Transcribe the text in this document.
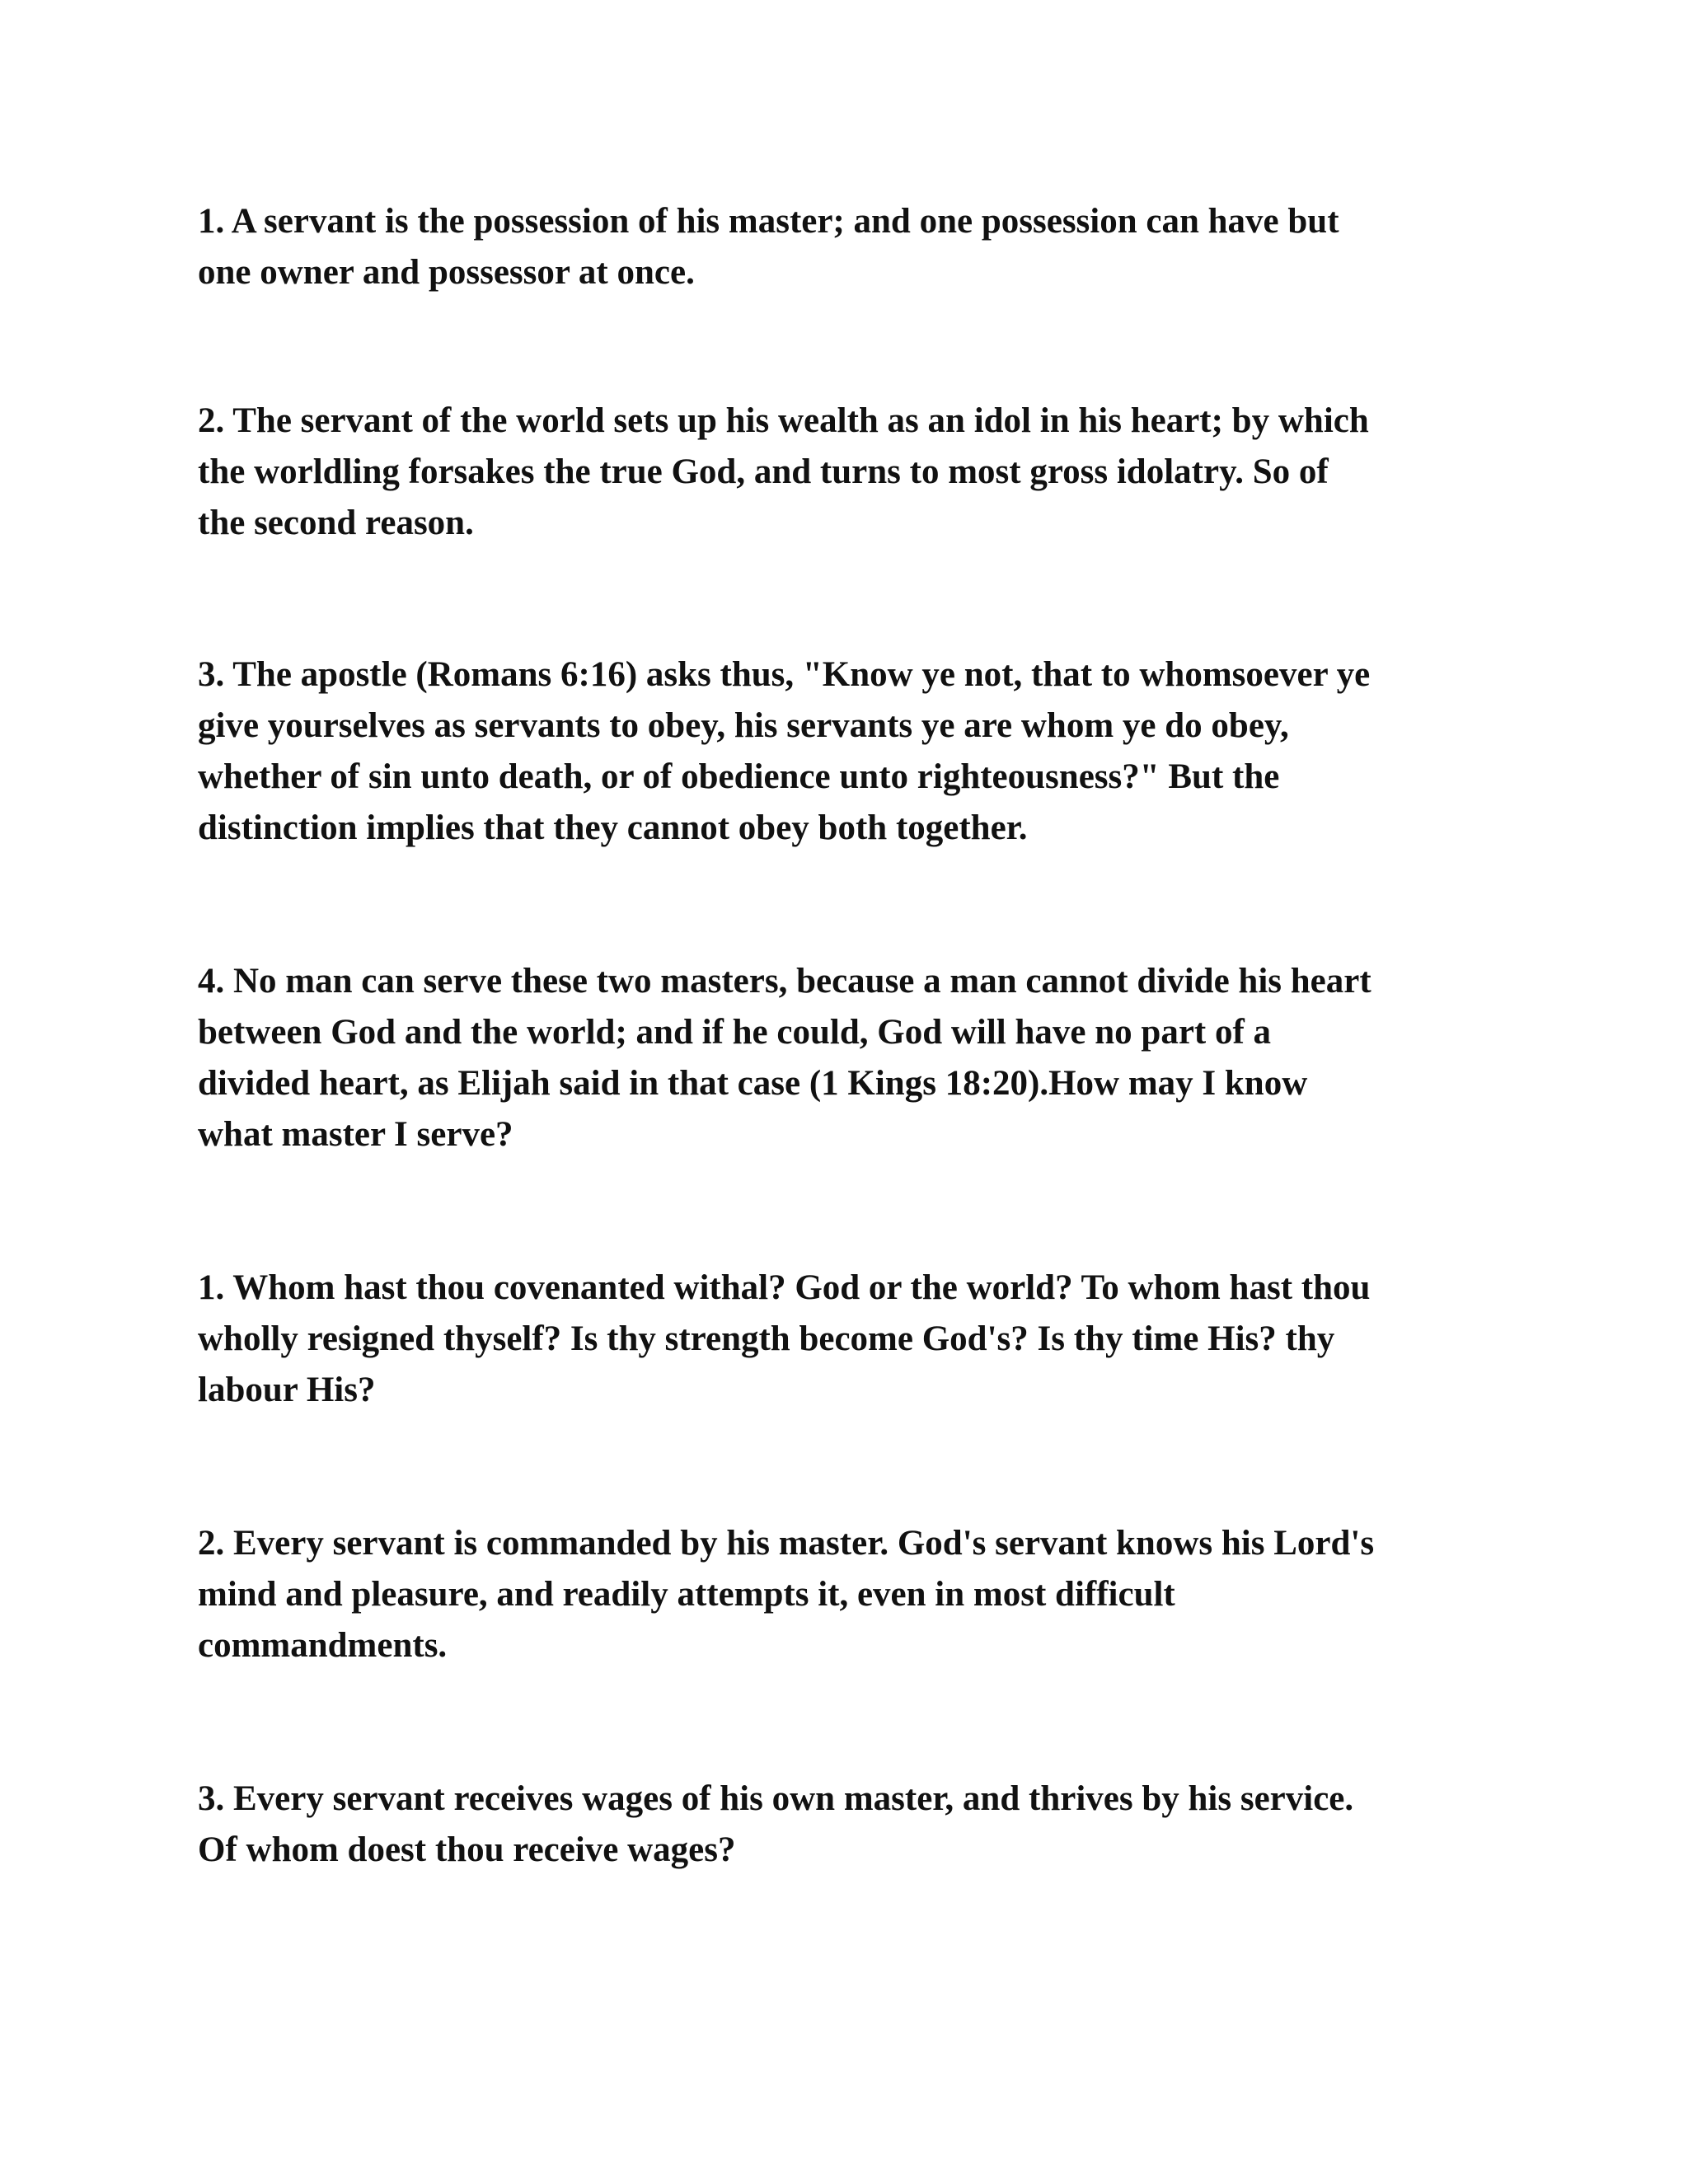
1. A servant is the possession of his master; and one possession can have but
one owner and possessor at once.
2. The servant of the world sets up his wealth as an idol in his heart; by which
the worldling forsakes the true God, and turns to most gross idolatry. So of
the second reason.
3. The apostle (Romans 6:16) asks thus, "Know ye not, that to whomsoever ye
give yourselves as servants to obey, his servants ye are whom ye do obey,
whether of sin unto death, or of obedience unto righteousness?" But the
distinction implies that they cannot obey both together.
4. No man can serve these two masters, because a man cannot divide his heart
between God and the world; and if he could, God will have no part of a
divided heart, as Elijah said in that case (1 Kings 18:20).How may I know
what master I serve?
1. Whom hast thou covenanted withal? God or the world? To whom hast thou
wholly resigned thyself? Is thy strength become God's? Is thy time His? thy
labour His?
2. Every servant is commanded by his master. God's servant knows his Lord's
mind and pleasure, and readily attempts it, even in most difficult
commandments.
3. Every servant receives wages of his own master, and thrives by his service.
Of whom doest thou receive wages?
